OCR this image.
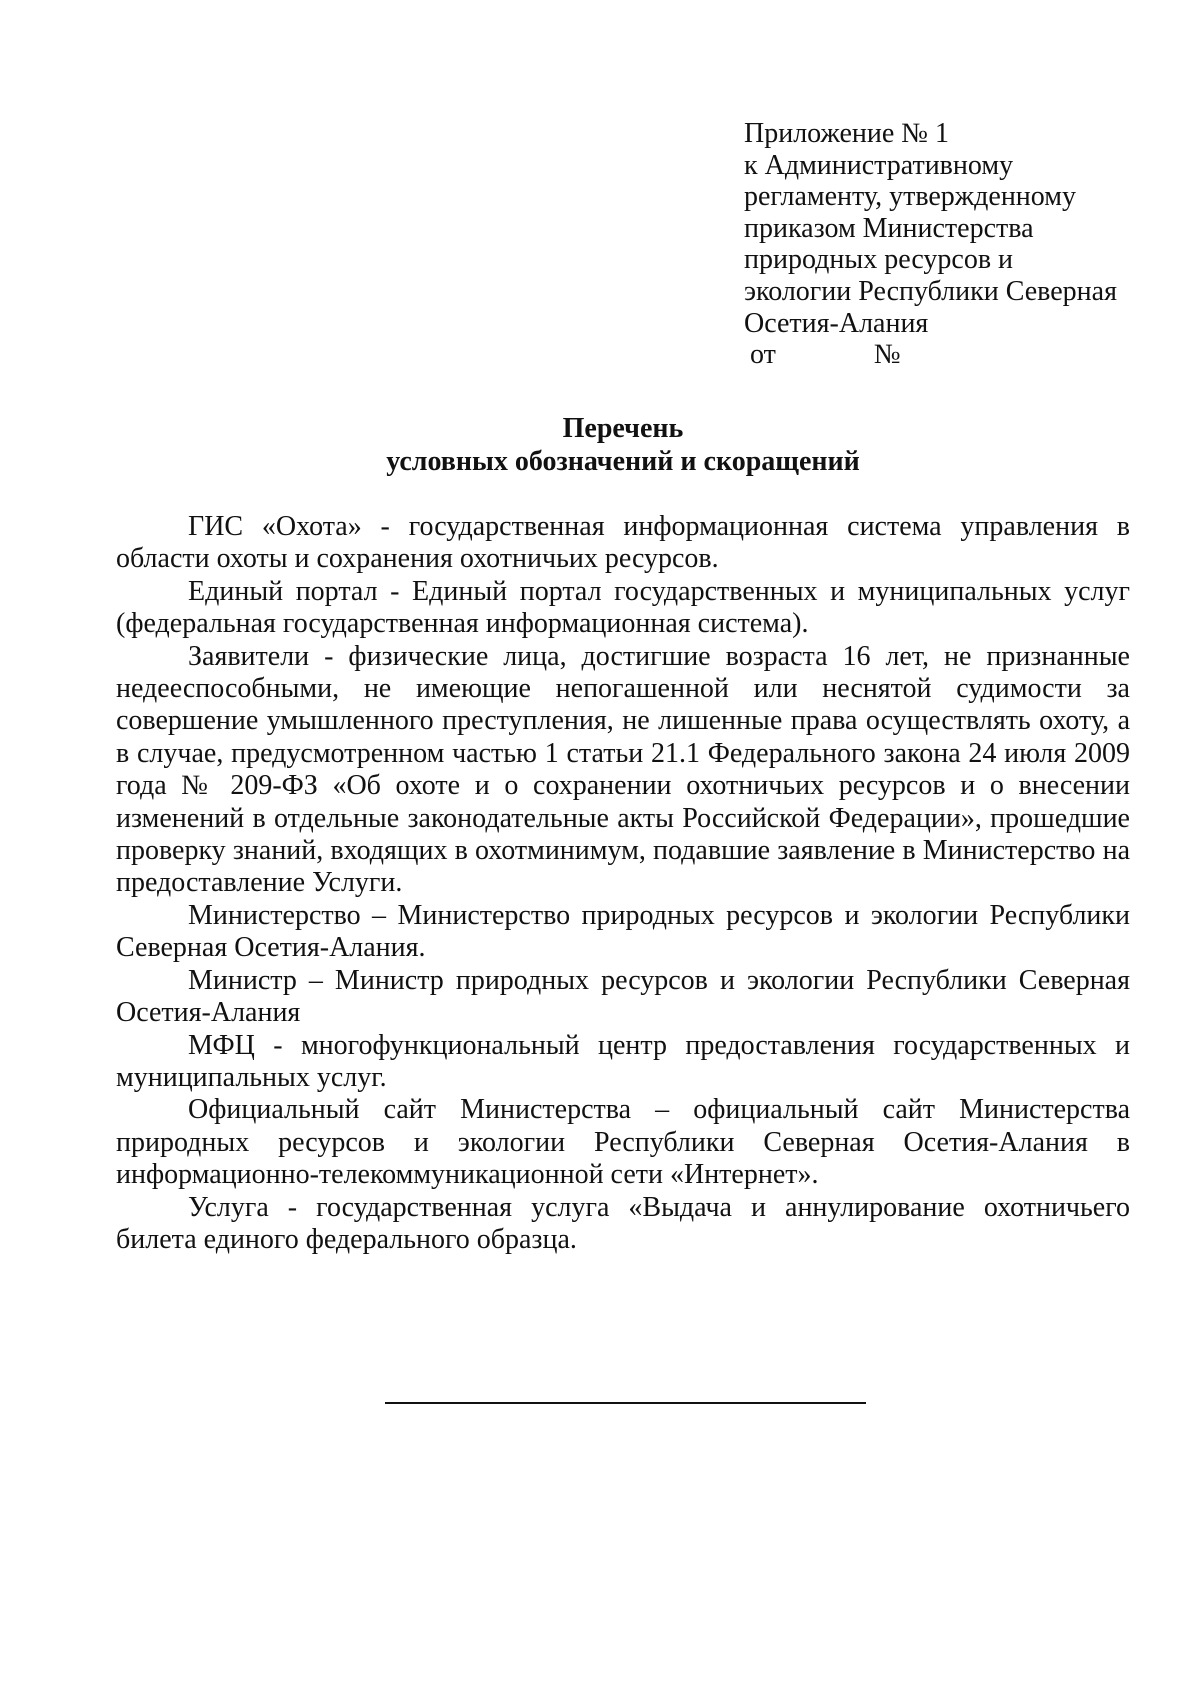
Приложение № 1
к Административному
регламенту, утвержденному
приказом Министерства
природных ресурсов и
экологии Республики Северная
Осетия-Алания
от	№
Перечень
условных обозначений и скоращений

ГИС «Охота» - государственная информационная система управления в области охоты и сохранения охотничьих ресурсов.

Единый портал - Единый портал государственных и муниципальных услуг (федеральная государственная информационная система).

Заявители - физические лица, достигшие возраста 16 лет, не признанные недееспособными, не имеющие непогашенной или неснятой судимости за совершение умышленного преступления, не лишенные права осуществлять охоту, а в случае, предусмотренном частью 1 статьи 21.1 Федерального закона 24 июля 2009 года № 209-ФЗ «Об охоте и о сохранении охотничьих ресурсов и о внесении изменений в отдельные законодательные акты Российской Федерации», прошедшие проверку знаний, входящих в охотминимум, подавшие заявление в Министерство на предоставление Услуги.

Министерство – Министерство природных ресурсов и экологии Республики Северная Осетия-Алания.

Министр – Министр природных ресурсов и экологии Республики Северная Осетия-Алания

МФЦ - многофункциональный центр предоставления государственных и муниципальных услуг.

Официальный сайт Министерства – официальный сайт Министерства природных ресурсов и экологии Республики Северная Осетия-Алания в информационно-телекоммуникационной сети «Интернет».

Услуга - государственная услуга «Выдача и аннулирование охотничьего билета единого федерального образца.
